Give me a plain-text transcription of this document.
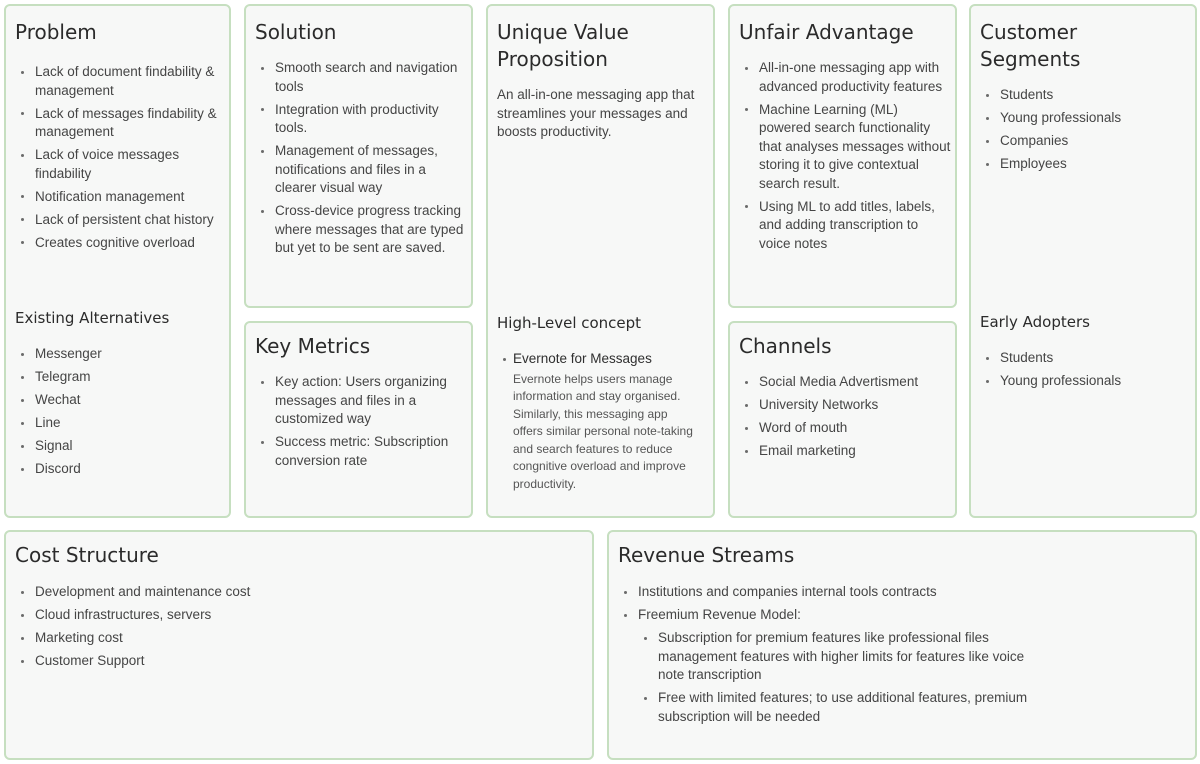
Problem
Lack of document findability & management
Lack of messages findability & management
Lack of voice messages findability
Notification management
Lack of persistent chat history
Creates cognitive overload
Existing Alternatives
Messenger
Telegram
Wechat
Line
Signal
Discord
Solution
Smooth search and navigation tools
Integration with productivity tools.
Management of messages, notifications and files in a clearer visual way
Cross-device progress tracking where messages that are typed but yet to be sent are saved.
Key Metrics
Key action: Users organizing messages and files in a customized way
Success metric: Subscription conversion rate
Unique Value Proposition

An all-in-one messaging app that streamlines your messages and boosts productivity.

High-Level concept
Evernote for Messages
Evernote helps users manage information and stay organised. Similarly, this messaging app offers similar personal note-taking and search features to reduce congnitive overload and improve productivity.
Unfair Advantage
All-in-one messaging app with advanced productivity features
Machine Learning (ML) powered search functionality that analyses messages without storing it to give contextual search result.
Using ML to add titles, labels, and adding transcription to voice notes
Channels
Social Media Advertisment
University Networks
Word of mouth
Email marketing
Customer Segments
Students
Young professionals
Companies
Employees
Early Adopters
Students
Young professionals
Cost Structure
Development and maintenance cost
Cloud infrastructures, servers
Marketing cost
Customer Support
Revenue Streams
Institutions and companies internal tools contracts
Freemium Revenue Model:
Subscription for premium features like professional files management features with higher limits for features like voice note transcription
Free with limited features; to use additional features, premium subscription will be needed
